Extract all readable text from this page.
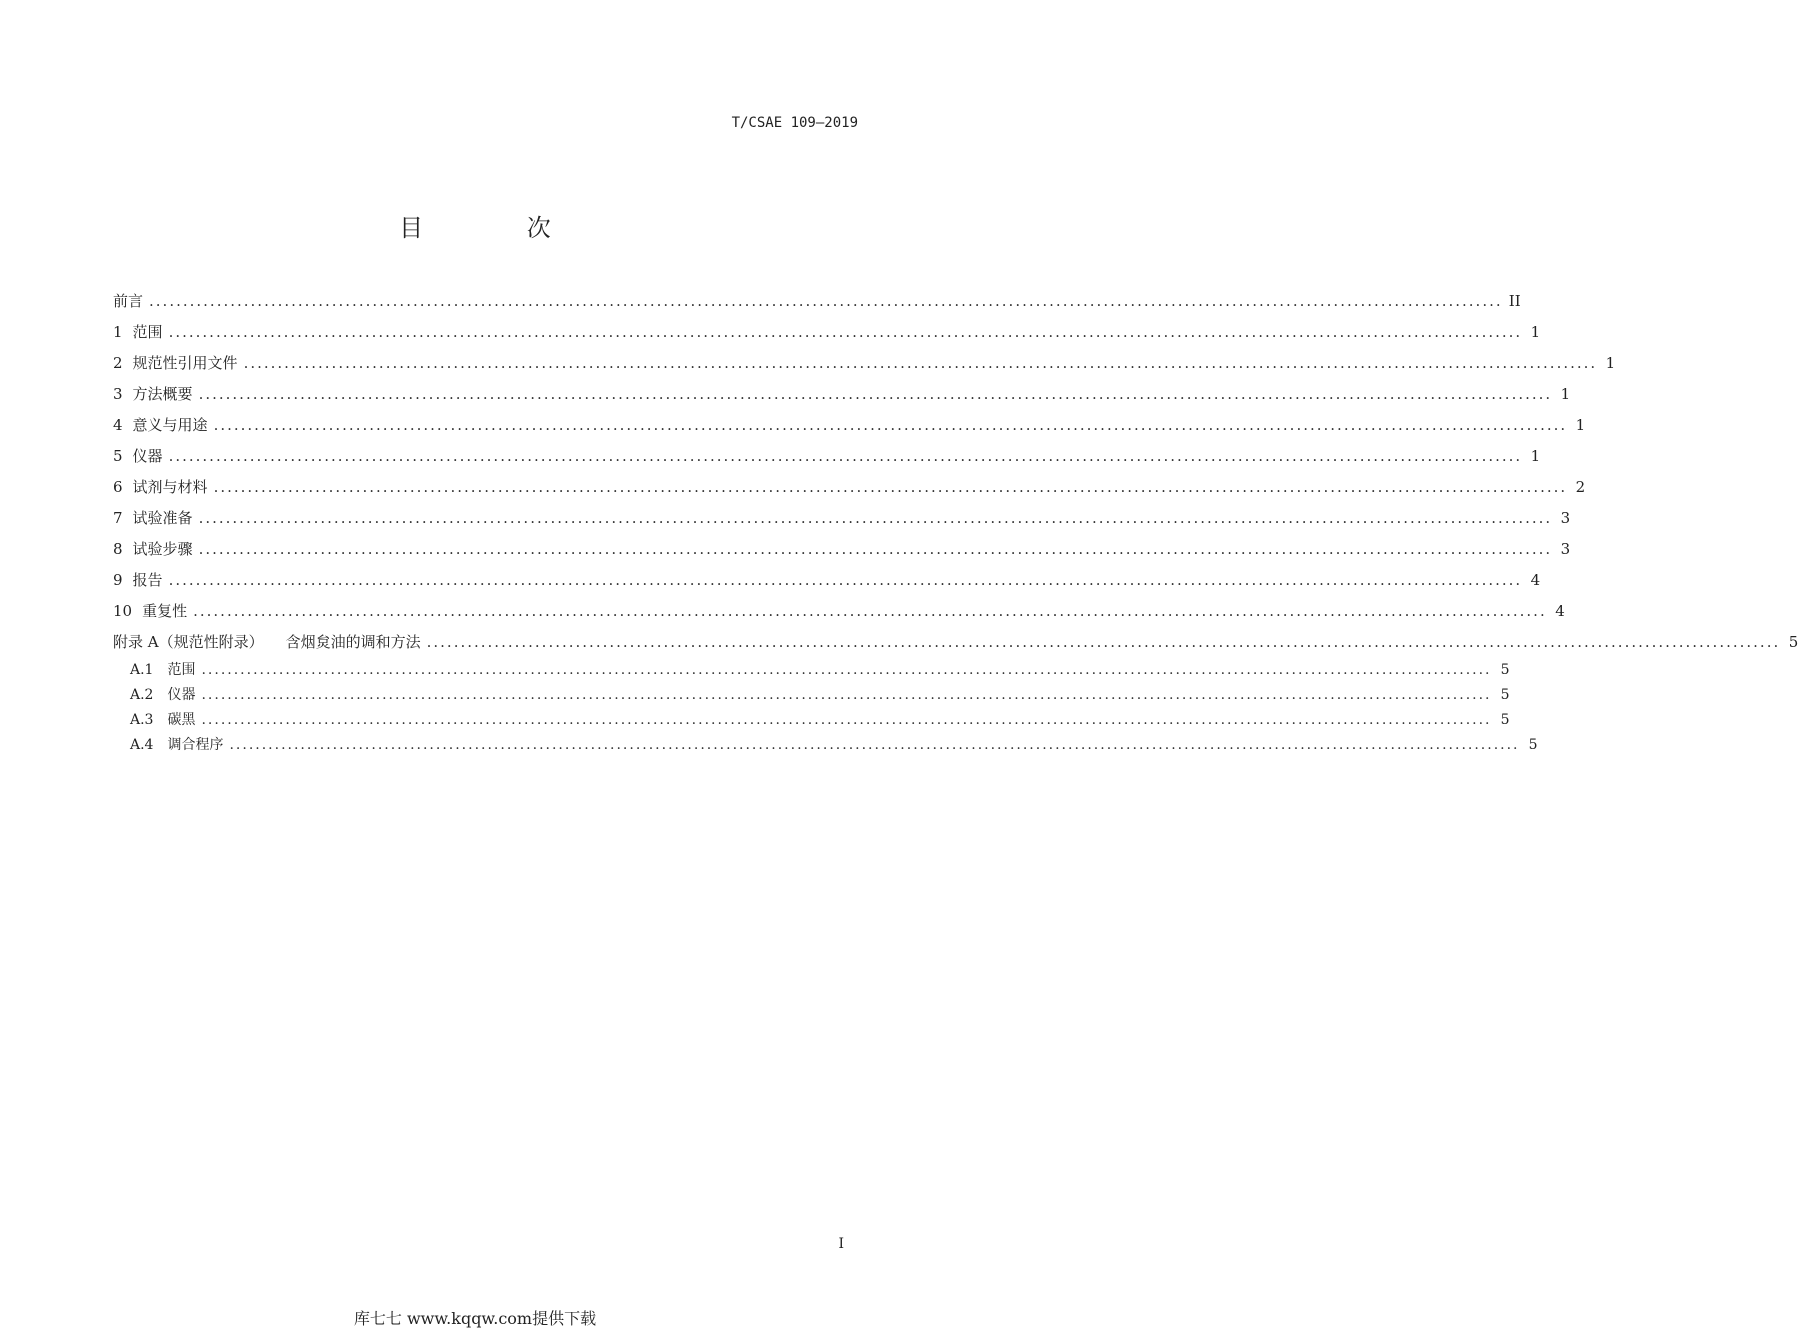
T/CSAE 109—2019
目 次
前言 ........................................................................................................................................................................................................ II
1 范围 ........................................................................................................................................................................................................ 1
2 规范性引用文件 ........................................................................................................................................................................................................ 1
3 方法概要 ........................................................................................................................................................................................................ 1
4 意义与用途 ........................................................................................................................................................................................................ 1
5 仪器 ........................................................................................................................................................................................................ 1
6 试剂与材料 ........................................................................................................................................................................................................ 2
7 试验准备 ........................................................................................................................................................................................................ 3
8 试验步骤 ........................................................................................................................................................................................................ 3
9 报告 ........................................................................................................................................................................................................ 4
10 重复性 ........................................................................................................................................................................................................ 4
附录 A（规范性附录） 含烟炱油的调和方法 ........................................................................................................................................................................................................ 5
A.1 范围 ........................................................................................................................................................................................................ 5
A.2 仪器 ........................................................................................................................................................................................................ 5
A.3 碳黑 ........................................................................................................................................................................................................ 5
A.4 调合程序 ........................................................................................................................................................................................................ 5
I
库七七 www.kqqw.com提供下载
